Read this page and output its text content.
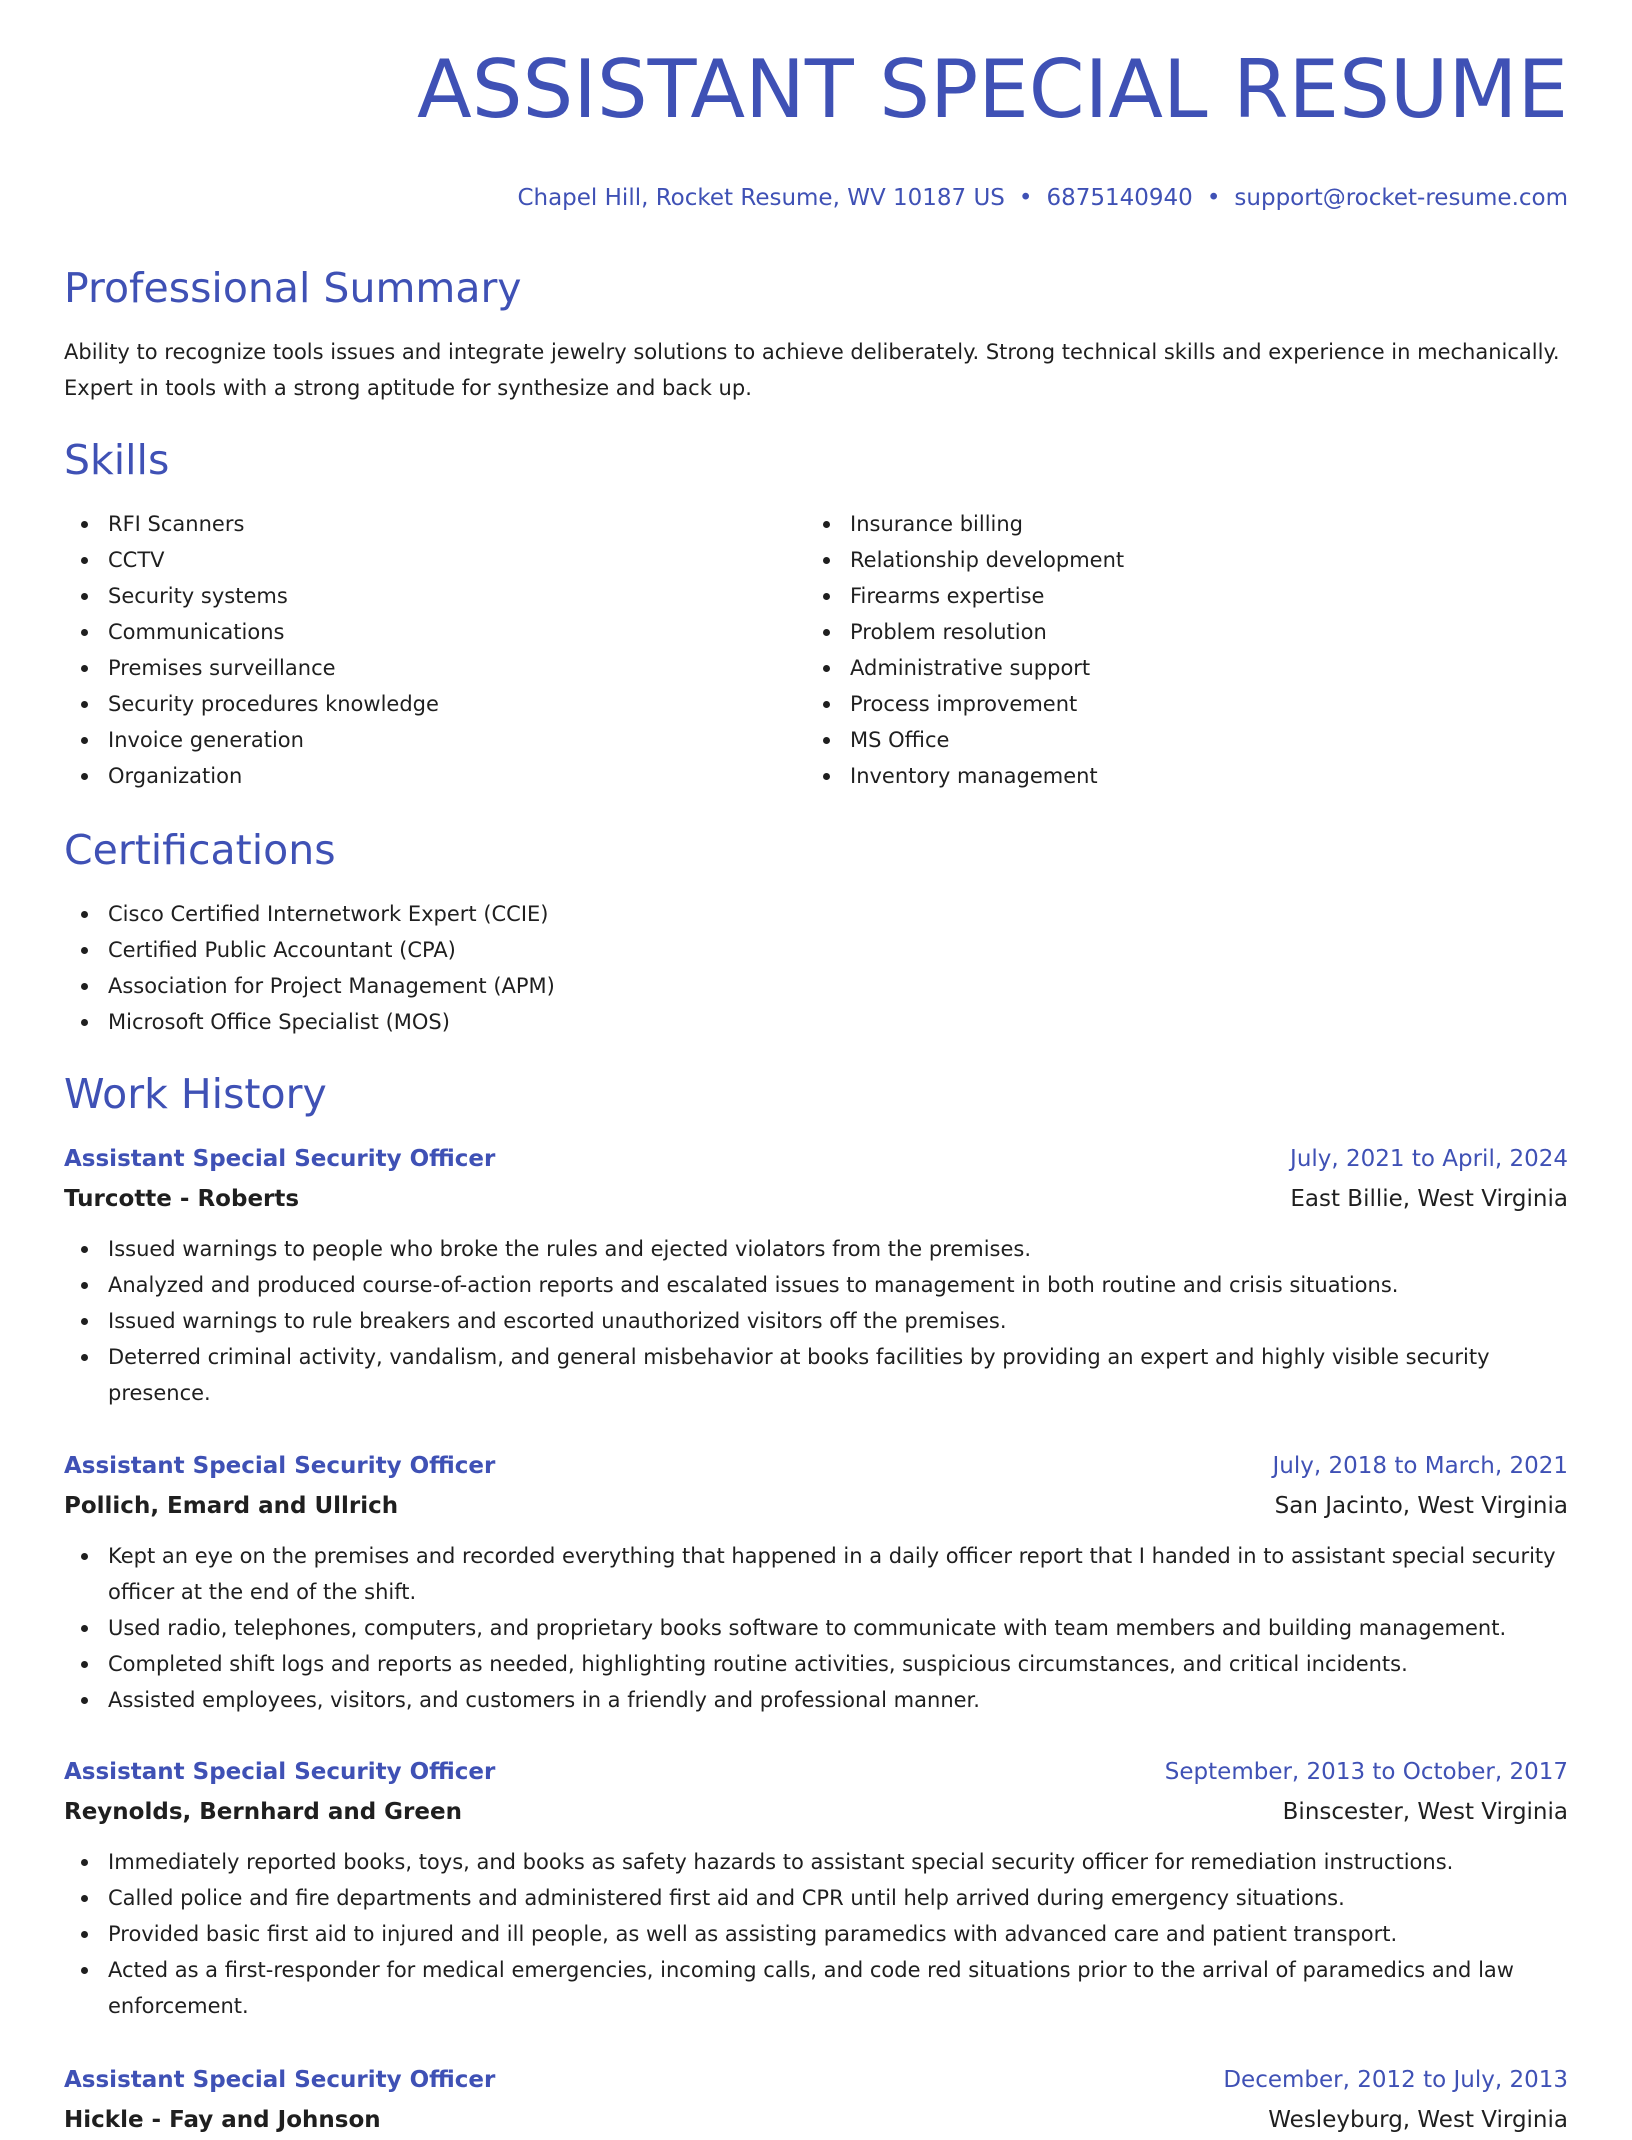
ASSISTANT SPECIAL RESUME
Chapel Hill, Rocket Resume, WV 10187 US • 6875140940 • support@rocket-resume.com
Professional Summary

Ability to recognize tools issues and integrate jewelry solutions to achieve deliberately. Strong technical skills and experience in mechanically. Expert in tools with a strong aptitude for synthesize and back up.

Skills
RFI Scanners
CCTV
Security systems
Communications
Premises surveillance
Security procedures knowledge
Invoice generation
Organization
Insurance billing
Relationship development
Firearms expertise
Problem resolution
Administrative support
Process improvement
MS Office
Inventory management
Certifications
Cisco Certified Internetwork Expert (CCIE)
Certified Public Accountant (CPA)
Association for Project Management (APM)
Microsoft Office Specialist (MOS)
Work History
Assistant Special Security Officer	July, 2021 to April, 2024
Turcotte - Roberts	East Billie, West Virginia
Issued warnings to people who broke the rules and ejected violators from the premises.
Analyzed and produced course-of-action reports and escalated issues to management in both routine and crisis situations.
Issued warnings to rule breakers and escorted unauthorized visitors off the premises.
Deterred criminal activity, vandalism, and general misbehavior at books facilities by providing an expert and highly visible security presence.
Assistant Special Security Officer	July, 2018 to March, 2021
Pollich, Emard and Ullrich	San Jacinto, West Virginia
Kept an eye on the premises and recorded everything that happened in a daily officer report that I handed in to assistant special security officer at the end of the shift.
Used radio, telephones, computers, and proprietary books software to communicate with team members and building management.
Completed shift logs and reports as needed, highlighting routine activities, suspicious circumstances, and critical incidents.
Assisted employees, visitors, and customers in a friendly and professional manner.
Assistant Special Security Officer	September, 2013 to October, 2017
Reynolds, Bernhard and Green	Binscester, West Virginia
Immediately reported books, toys, and books as safety hazards to assistant special security officer for remediation instructions.
Called police and fire departments and administered first aid and CPR until help arrived during emergency situations.
Provided basic first aid to injured and ill people, as well as assisting paramedics with advanced care and patient transport.
Acted as a first-responder for medical emergencies, incoming calls, and code red situations prior to the arrival of paramedics and law enforcement.
Assistant Special Security Officer	December, 2012 to July, 2013
Hickle - Fay and Johnson	Wesleyburg, West Virginia
